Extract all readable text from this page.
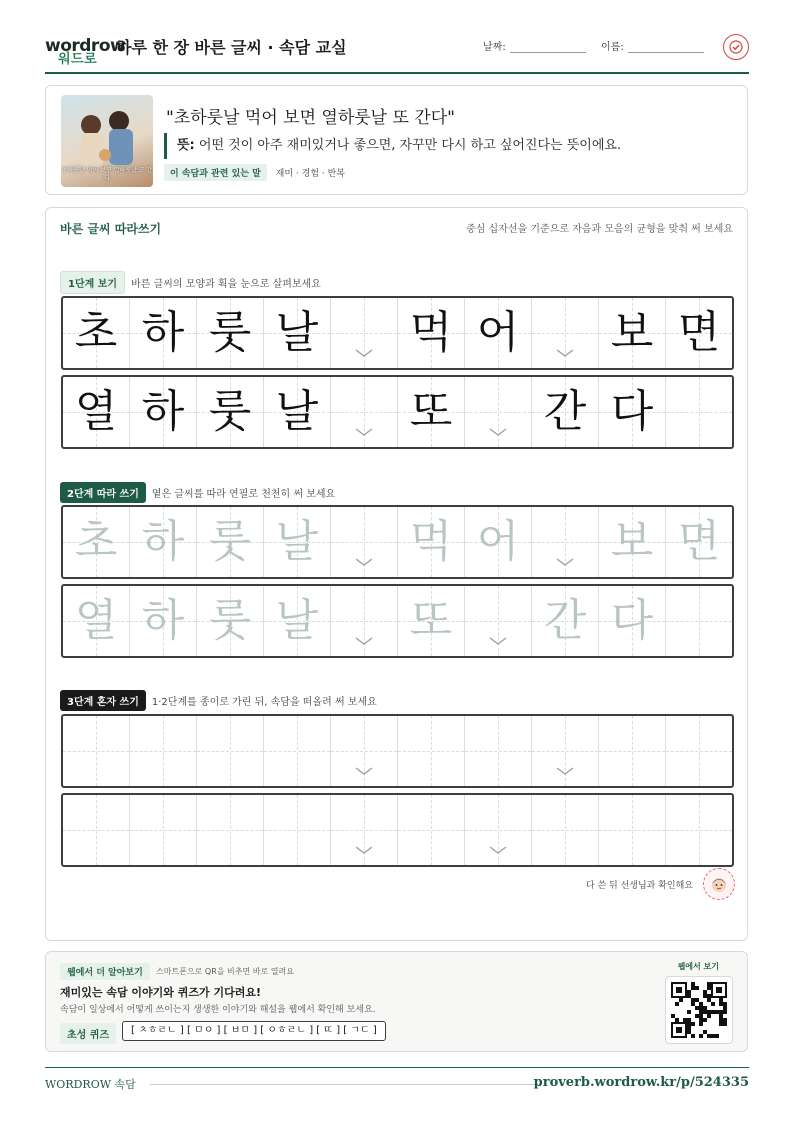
wordrow
워드로
하루 한 장 바른 글씨 · 속담 교실	날짜:	이름:
초하룻날 먹어 보면 열하룻날 또 간다
"초하룻날 먹어 보면 열하룻날 또 간다"
뜻: 어떤 것이 아주 재미있거나 좋으면, 자꾸만 다시 하고 싶어진다는 뜻이에요.
이 속담과 관련 있는 말 재미 · 경험 · 반복
바른 글씨 따라쓰기	중심 십자선을 기준으로 자음과 모음의 균형을 맞춰 써 보세요
1단계 보기	바른 글씨의 모양과 획을 눈으로 살펴보세요
초 하 룻 날 먹 어 보 면
열 하 룻 날 또 간 다
2단계 따라 쓰기	옅은 글씨를 따라 연필로 천천히 써 보세요
초 하 룻 날 먹 어 보 면
열 하 룻 날 또 간 다
3단계 혼자 쓰기	1·2단계를 종이로 가린 뒤, 속담을 떠올려 써 보세요
다 쓴 뒤 선생님과 확인해요
웹에서 더 알아보기	스마트폰으로 QR을 비추면 바로 열려요
재미있는 속담 이야기와 퀴즈가 기다려요!
속담이 일상에서 어떻게 쓰이는지 생생한 이야기와 해설을 웹에서 확인해 보세요.
초성 퀴즈	[ ㅊㅎㄹㄴ ] [ ㅁㅇ ] [ ㅂㅁ ] [ ㅇㅎㄹㄴ ] [ ㄸ ] [ ㄱㄷ ]
웹에서 보기
WORDROW 속담	proverb.wordrow.kr/p/524335
